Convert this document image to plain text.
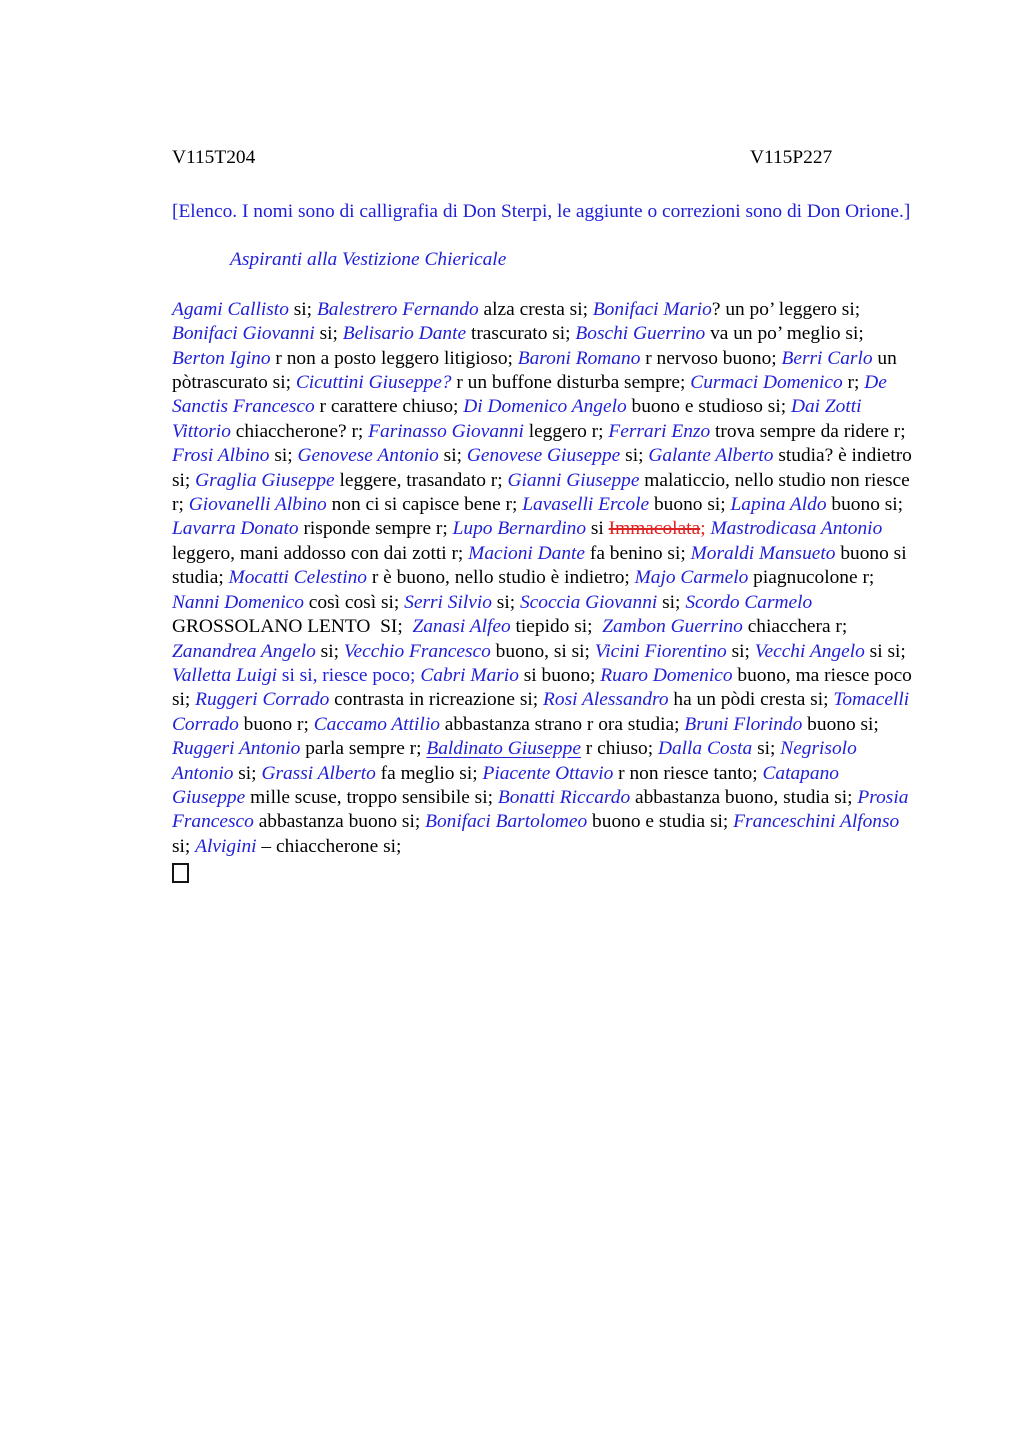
V115T204	V115P227

[Elenco. I nomi sono di calligrafia di Don Sterpi, le aggiunte o correzioni sono di Don Orione.]

Aspiranti alla Vestizione Chiericale

Agami Callisto si; Balestrero Fernando alza cresta si; Bonifaci Mario? un po’ leggero si; Bonifaci Giovanni si; Belisario Dante trascurato si; Boschi Guerrino va un po’ meglio si; Berton Igino r non a posto leggero litigioso; Baroni Romano r nervoso buono; Berri Carlo un pòtrascurato si; Cicuttini Giuseppe? r un buffone disturba sempre; Curmaci Domenico r; De Sanctis Francesco r carattere chiuso; Di Domenico Angelo buono e studioso si; Dai Zotti Vittorio chiaccherone? r; Farinasso Giovanni leggero r; Ferrari Enzo trova sempre da ridere r; Frosi Albino si; Genovese Antonio si; Genovese Giuseppe si; Galante Alberto studia? è indietro si; Graglia Giuseppe leggere, trasandato r; Gianni Giuseppe malaticcio, nello studio non riesce r; Giovanelli Albino non ci si capisce bene r; Lavaselli Ercole buono si; Lapina Aldo buono si; Lavarra Donato risponde sempre r; Lupo Bernardino si Immacolata; Mastrodicasa Antonio leggero, mani addosso con dai zotti r; Macioni Dante fa benino si; Moraldi Mansueto buono si studia; Mocatti Celestino r è buono, nello studio è indietro; Majo Carmelo piagnucolone r; Nanni Domenico così così si; Serri Silvio si; Scoccia Giovanni si; Scordo Carmelo GROSSOLANO LENTO  SI;  Zanasi Alfeo tiepido si;  Zambon Guerrino chiacchera r; Zanandrea Angelo si; Vecchio Francesco buono, si si; Vicini Fiorentino si; Vecchi Angelo si si; Valletta Luigi si si, riesce poco; Cabri Mario si buono; Ruaro Domenico buono, ma riesce poco si; Ruggeri Corrado contrasta in ricreazione si; Rosi Alessandro ha un pòdi cresta si; Tomacelli Corrado buono r; Caccamo Attilio abbastanza strano r ora studia; Bruni Florindo buono si; Ruggeri Antonio parla sempre r; Baldinato Giuseppe r chiuso; Dalla Costa si; Negrisolo Antonio si; Grassi Alberto fa meglio si; Piacente Ottavio r non riesce tanto; Catapano Giuseppe mille scuse, troppo sensibile si; Bonatti Riccardo abbastanza buono, studia si; Prosia Francesco abbastanza buono si; Bonifaci Bartolomeo buono e studia si; Franceschini Alfonso si; Alvigini – chiaccherone si;
